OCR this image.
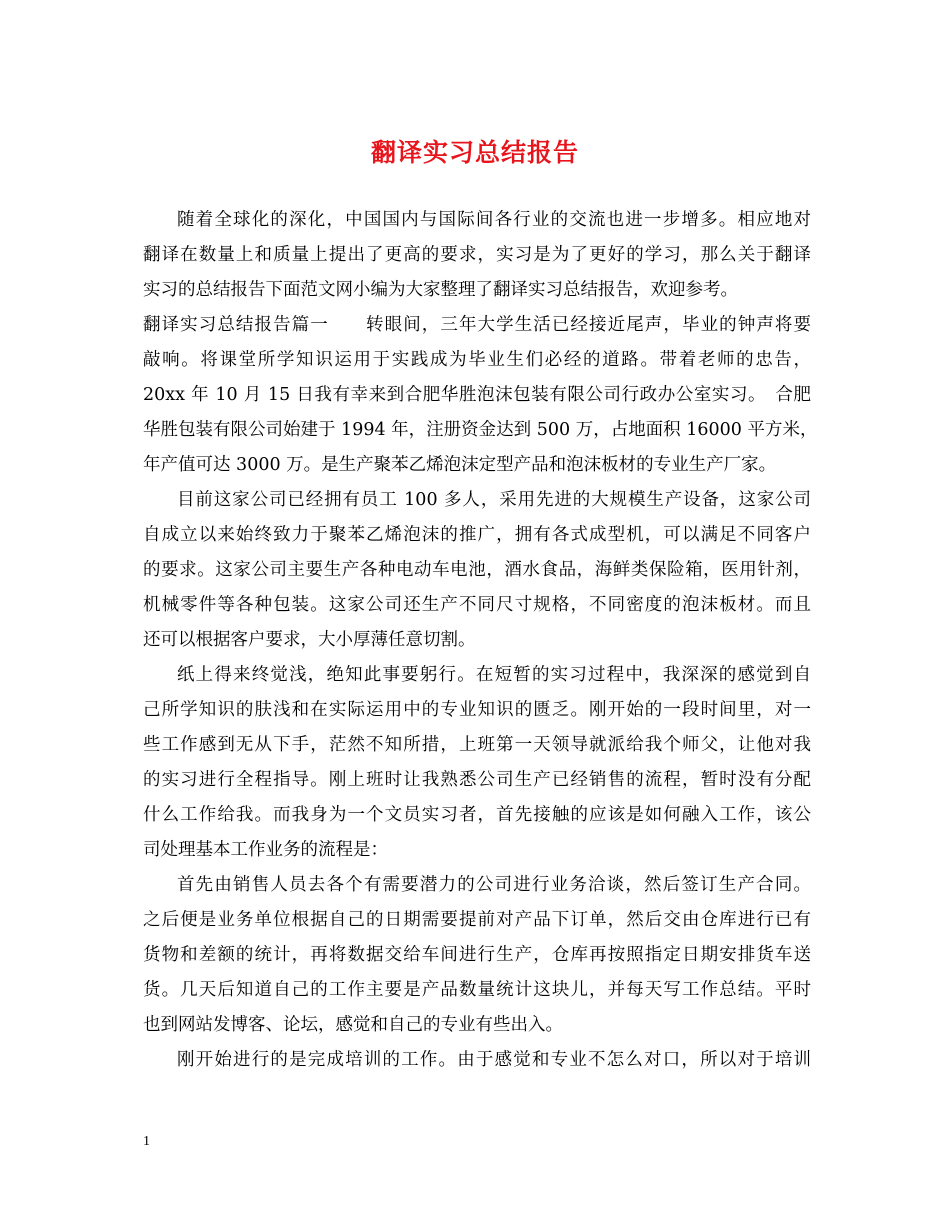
翻译实习总结报告
随着全球化的深化，中国国内与国际间各行业的交流也进一步增多。相应地对
翻译在数量上和质量上提出了更高的要求，实习是为了更好的学习，那么关于翻译
实习的总结报告下面范文网小编为大家整理了翻译实习总结报告，欢迎参考。
翻译实习总结报告篇一　　转眼间，三年大学生活已经接近尾声，毕业的钟声将要
敲响。将课堂所学知识运用于实践成为毕业生们必经的道路。带着老师的忠告，
20xx 年 10 月 15 日我有幸来到合肥华胜泡沫包装有限公司行政办公室实习。　合肥
华胜包装有限公司始建于 1994 年，注册资金达到 500 万，占地面积 16000 平方米，
年产值可达 3000 万。是生产聚苯乙烯泡沫定型产品和泡沫板材的专业生产厂家。
目前这家公司已经拥有员工 100 多人，采用先进的大规模生产设备，这家公司
自成立以来始终致力于聚苯乙烯泡沫的推广，拥有各式成型机，可以满足不同客户
的要求。这家公司主要生产各种电动车电池，酒水食品，海鲜类保险箱，医用针剂，
机械零件等各种包装。这家公司还生产不同尺寸规格，不同密度的泡沫板材。而且
还可以根据客户要求，大小厚薄任意切割。
纸上得来终觉浅，绝知此事要躬行。在短暂的实习过程中，我深深的感觉到自
己所学知识的肤浅和在实际运用中的专业知识的匮乏。刚开始的一段时间里，对一
些工作感到无从下手，茫然不知所措，上班第一天领导就派给我个师父，让他对我
的实习进行全程指导。刚上班时让我熟悉公司生产已经销售的流程，暂时没有分配
什么工作给我。而我身为一个文员实习者，首先接触的应该是如何融入工作，该公
司处理基本工作业务的流程是：
首先由销售人员去各个有需要潜力的公司进行业务洽谈，然后签订生产合同。
之后便是业务单位根据自己的日期需要提前对产品下订单，然后交由仓库进行已有
货物和差额的统计，再将数据交给车间进行生产，仓库再按照指定日期安排货车送
货。几天后知道自己的工作主要是产品数量统计这块儿，并每天写工作总结。平时
也到网站发博客、论坛，感觉和自己的专业有些出入。
刚开始进行的是完成培训的工作。由于感觉和专业不怎么对口，所以对于培训
1
